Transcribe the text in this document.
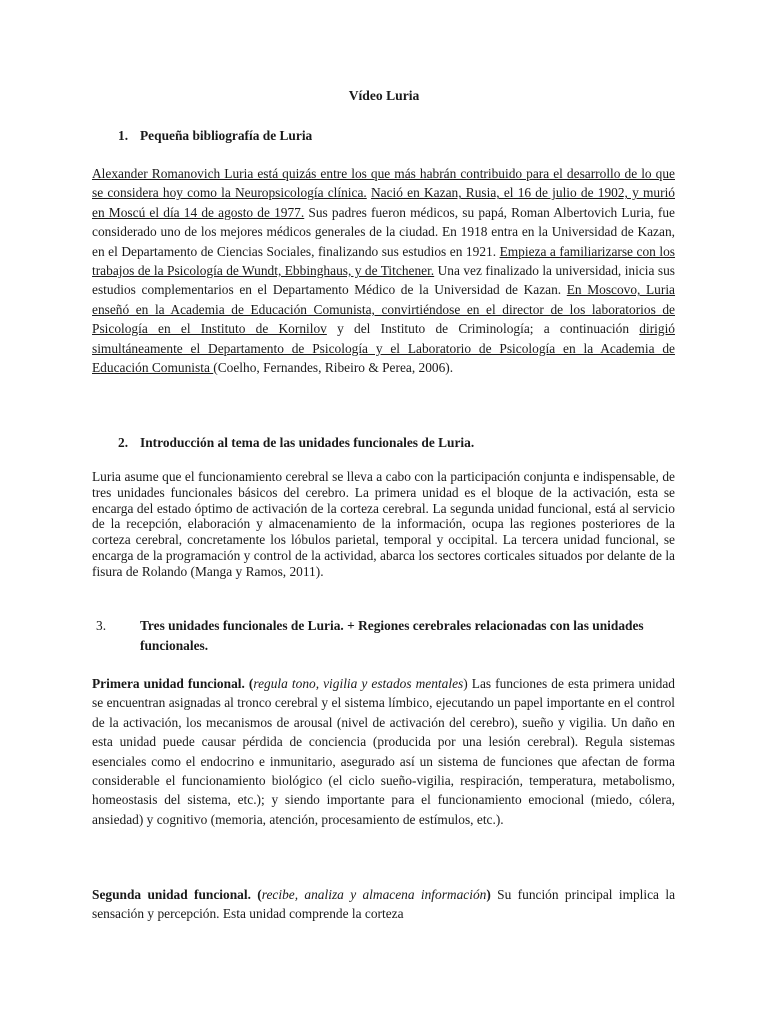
Vídeo Luria
1. Pequeña bibliografía de Luria
Alexander Romanovich Luria está quizás entre los que más habrán contribuido para el desarrollo de lo que se considera hoy como la Neuropsicología clínica. Nació en Kazan, Rusia, el 16 de julio de 1902, y murió en Moscú el día 14 de agosto de 1977. Sus padres fueron médicos, su papá, Roman Albertovich Luria, fue considerado uno de los mejores médicos generales de la ciudad. En 1918 entra en la Universidad de Kazan, en el Departamento de Ciencias Sociales, finalizando sus estudios en 1921. Empieza a familiarizarse con los trabajos de la Psicología de Wundt, Ebbinghaus, y de Titchener. Una vez finalizado la universidad, inicia sus estudios complementarios en el Departamento Médico de la Universidad de Kazan. En Moscovo, Luria enseñó en la Academia de Educación Comunista, convirtiéndose en el director de los laboratorios de Psicología en el Instituto de Kornilov y del Instituto de Criminología; a continuación dirigió simultáneamente el Departamento de Psicología y el Laboratorio de Psicología en la Academia de Educación Comunista (Coelho, Fernandes, Ribeiro & Perea, 2006).
2. Introducción al tema de las unidades funcionales de Luria.
Luria asume que el funcionamiento cerebral se lleva a cabo con la participación conjunta e indispensable, de tres unidades funcionales básicos del cerebro. La primera unidad es el bloque de la activación, esta se encarga del estado óptimo de activación de la corteza cerebral. La segunda unidad funcional, está al servicio de la recepción, elaboración y almacenamiento de la información, ocupa las regiones posteriores de la corteza cerebral, concretamente los lóbulos parietal, temporal y occipital. La tercera unidad funcional, se encarga de la programación y control de la actividad, abarca los sectores corticales situados por delante de la fisura de Rolando (Manga y Ramos, 2011).
3.	Tres unidades funcionales de Luria. + Regiones cerebrales relacionadas con las unidades funcionales.
Primera unidad funcional. (regula tono, vigilia y estados mentales) Las funciones de esta primera unidad se encuentran asignadas al tronco cerebral y el sistema límbico, ejecutando un papel importante en el control de la activación, los mecanismos de arousal (nivel de activación del cerebro), sueño y vigilia. Un daño en esta unidad puede causar pérdida de conciencia (producida por una lesión cerebral). Regula sistemas esenciales como el endocrino e inmunitario, asegurado así un sistema de funciones que afectan de forma considerable el funcionamiento biológico (el ciclo sueño-vigilia, respiración, temperatura, metabolismo, homeostasis del sistema, etc.); y siendo importante para el funcionamiento emocional (miedo, cólera, ansiedad) y cognitivo (memoria, atención, procesamiento de estímulos, etc.).
Segunda unidad funcional. (recibe, analiza y almacena información) Su función principal implica la sensación y percepción. Esta unidad comprende la corteza
